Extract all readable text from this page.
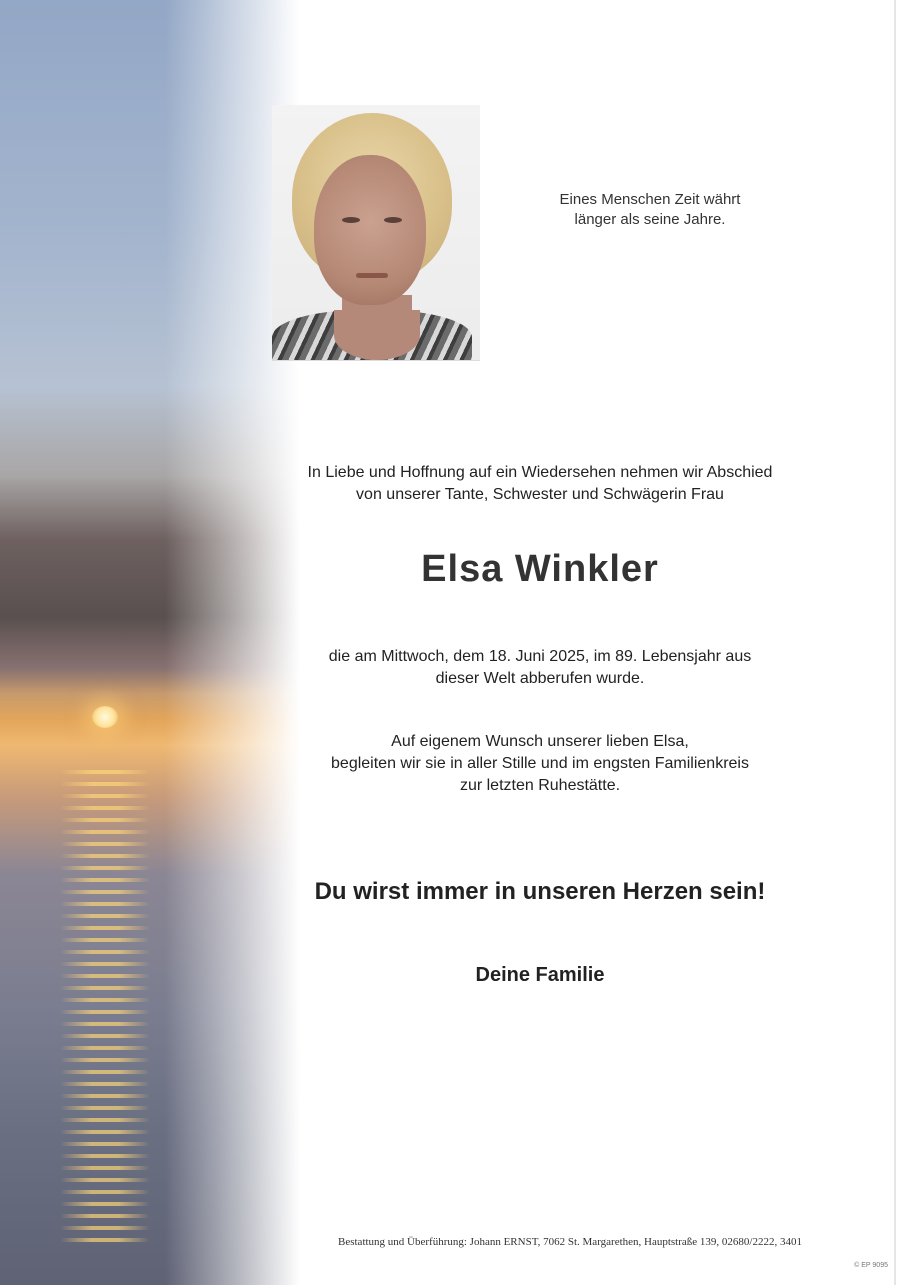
Eines Menschen Zeit währt
länger als seine Jahre.
In Liebe und Hoffnung auf ein Wiedersehen nehmen wir Abschied
von unserer Tante, Schwester und Schwägerin Frau
Elsa Winkler
die am Mittwoch, dem 18. Juni 2025, im 89. Lebensjahr aus
dieser Welt abberufen wurde.
Auf eigenem Wunsch unserer lieben Elsa,
begleiten wir sie in aller Stille und im engsten Familienkreis
zur letzten Ruhestätte.
Du wirst immer in unseren Herzen sein!
Deine Familie
Bestattung und Überführung: Johann ERNST, 7062 St. Margarethen, Hauptstraße 139, 02680/2222, 3401
© EP 9095
